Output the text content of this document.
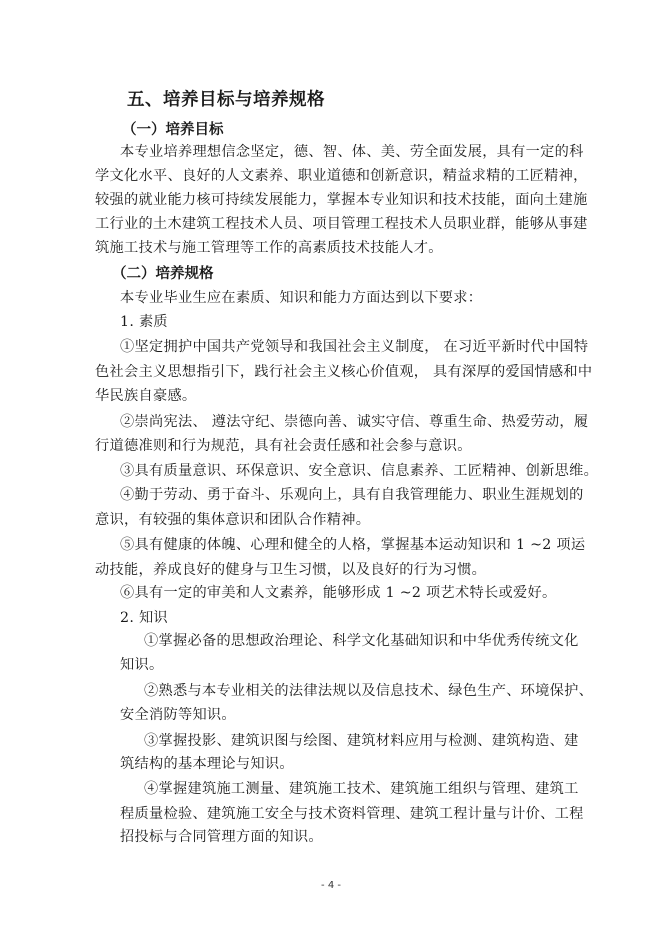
五、培养目标与培养规格
（一）培养目标
本专业培养理想信念坚定，德、智、体、美、劳全面发展，具有一定的科
学文化水平、良好的人文素养、职业道德和创新意识，精益求精的工匠精神，
较强的就业能力核可持续发展能力，掌握本专业知识和技术技能，面向土建施
工行业的土木建筑工程技术人员、项目管理工程技术人员职业群，能够从事建
筑施工技术与施工管理等工作的高素质技术技能人才。
（二）培养规格
本专业毕业生应在素质、知识和能力方面达到以下要求：
1. 素质
①坚定拥护中国共产党领导和我国社会主义制度， 在习近平新时代中国特
色社会主义思想指引下，践行社会主义核心价值观， 具有深厚的爱国情感和中
华民族自豪感。
②崇尚宪法、 遵法守纪、崇德向善、诚实守信、尊重生命、热爱劳动，履
行道德准则和行为规范，具有社会责任感和社会参与意识。
③具有质量意识、环保意识、安全意识、信息素养、工匠精神、创新思维。
④勤于劳动、勇于奋斗、乐观向上，具有自我管理能力、职业生涯规划的
意识，有较强的集体意识和团队合作精神。
⑤具有健康的体魄、心理和健全的人格，掌握基本运动知识和 1 ~2 项运
动技能，养成良好的健身与卫生习惯，以及良好的行为习惯。
⑥具有一定的审美和人文素养，能够形成 1 ~2 项艺术特长或爱好。
2. 知识
①掌握必备的思想政治理论、科学文化基础知识和中华优秀传统文化
知识。
②熟悉与本专业相关的法律法规以及信息技术、绿色生产、环境保护、
安全消防等知识。
③掌握投影、建筑识图与绘图、建筑材料应用与检测、建筑构造、建
筑结构的基本理论与知识。
④掌握建筑施工测量、建筑施工技术、建筑施工组织与管理、建筑工
程质量检验、建筑施工安全与技术资料管理、建筑工程计量与计价、工程
招投标与合同管理方面的知识。
- 4 -
